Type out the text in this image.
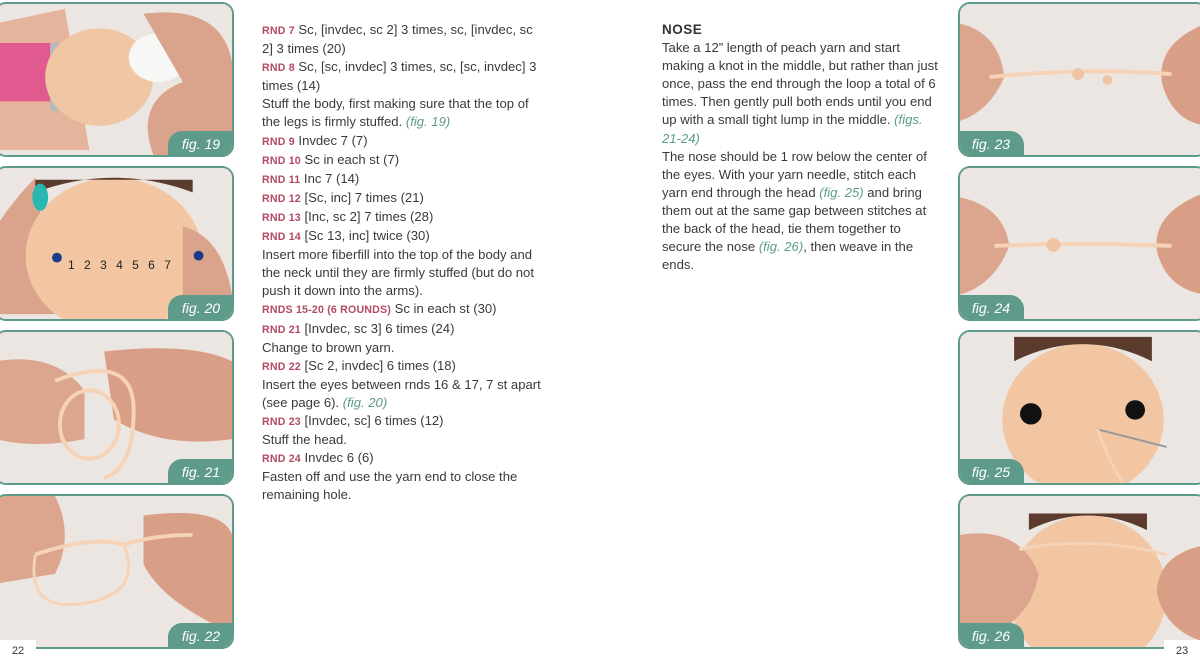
fig. 19
1 2 3 4 5 6 7
fig. 20
fig. 21
fig. 22

RND 7 Sc, [invdec, sc 2] 3 times, sc, [invdec, sc 2] 3 times (20)

RND 8 Sc, [sc, invdec] 3 times, sc, [sc, invdec] 3 times (14)

Stuff the body, first making sure that the top of the legs is firmly stuffed. (fig. 19)

RND 9 Invdec 7 (7)

RND 10 Sc in each st (7)

RND 11 Inc 7 (14)

RND 12 [Sc, inc] 7 times (21)

RND 13 [Inc, sc 2] 7 times (28)

RND 14 [Sc 13, inc] twice (30)

Insert more fiberfill into the top of the body and the neck until they are firmly stuffed (but do not push it down into the arms).

RNDS 15-20 (6 ROUNDS) Sc in each st (30)

RND 21 [Invdec, sc 3] 6 times (24)

Change to brown yarn.

RND 22 [Sc 2, invdec] 6 times (18)

Insert the eyes between rnds 16 & 17, 7 st apart (see page 6). (fig. 20)

RND 23 [Invdec, sc] 6 times (12)

Stuff the head.

RND 24 Invdec 6 (6)

Fasten off and use the yarn end to close the remaining hole.

NOSE

Take a 12” length of peach yarn and start making a knot in the middle, but rather than just once, pass the end through the loop a total of 6 times. Then gently pull both ends until you end up with a small tight lump in the middle. (figs. 21-24)

The nose should be 1 row below the center of the eyes. With your yarn needle, stitch each yarn end through the head (fig. 25) and bring them out at the same gap between stitches at the back of the head, tie them together to secure the nose (fig. 26), then weave in the ends.

fig. 23
fig. 24
fig. 25
fig. 26
22	23
